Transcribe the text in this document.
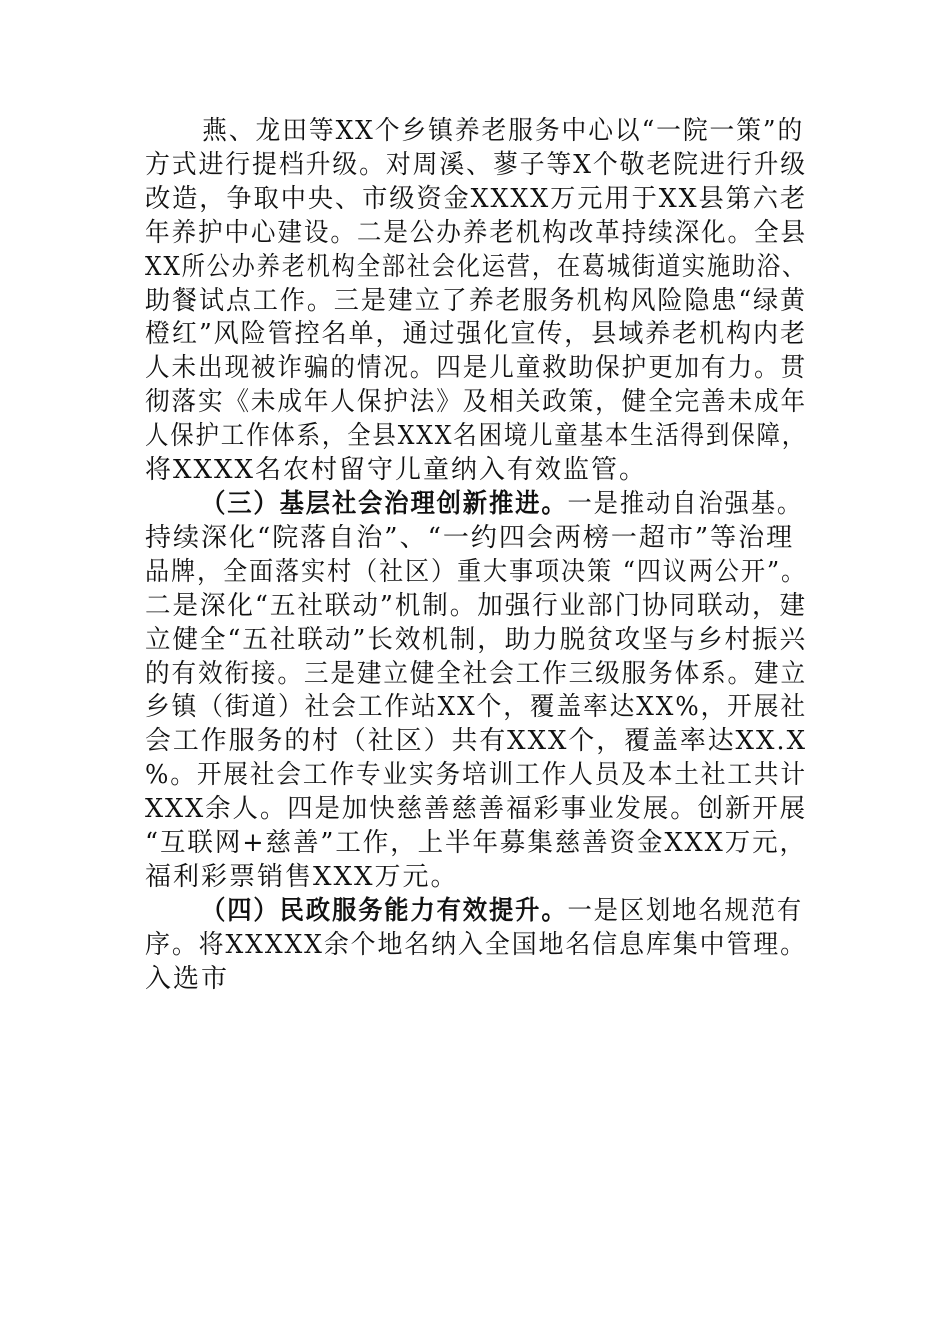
燕、龙田等XX个乡镇养老服务中心以“一院一策”的
方式进行提档升级。对周溪、蓼子等X个敬老院进行升级
改造，争取中央、市级资金XXXX万元用于XX县第六老
年养护中心建设。二是公办养老机构改革持续深化。全县
XX所公办养老机构全部社会化运营，在葛城街道实施助浴、
助餐试点工作。三是建立了养老服务机构风险隐患“绿黄
橙红”风险管控名单，通过强化宣传，县域养老机构内老
人未出现被诈骗的情况。四是儿童救助保护更加有力。贯
彻落实《未成年人保护法》及相关政策，健全完善未成年
人保护工作体系，全县XXX名困境儿童基本生活得到保障，
将XXXX名农村留守儿童纳入有效监管。
（三）基层社会治理创新推进。一是推动自治强基。
持续深化“院落自治”、“一约四会两榜一超市”等治理
品牌，全面落实村（社区）重大事项决策 “四议两公开”。
二是深化“五社联动”机制。加强行业部门协同联动，建
立健全“五社联动”长效机制，助力脱贫攻坚与乡村振兴
的有效衔接。三是建立健全社会工作三级服务体系。建立
乡镇（街道）社会工作站XX个，覆盖率达XX%，开展社
会工作服务的村（社区）共有XXX个，覆盖率达XX.X
%。开展社会工作专业实务培训工作人员及本土社工共计
XXX余人。四是加快慈善慈善福彩事业发展。创新开展
“互联网+慈善”工作，上半年募集慈善资金XXX万元，
福利彩票销售XXX万元。
（四）民政服务能力有效提升。一是区划地名规范有
序。将XXXXX余个地名纳入全国地名信息库集中管理。
入选市
